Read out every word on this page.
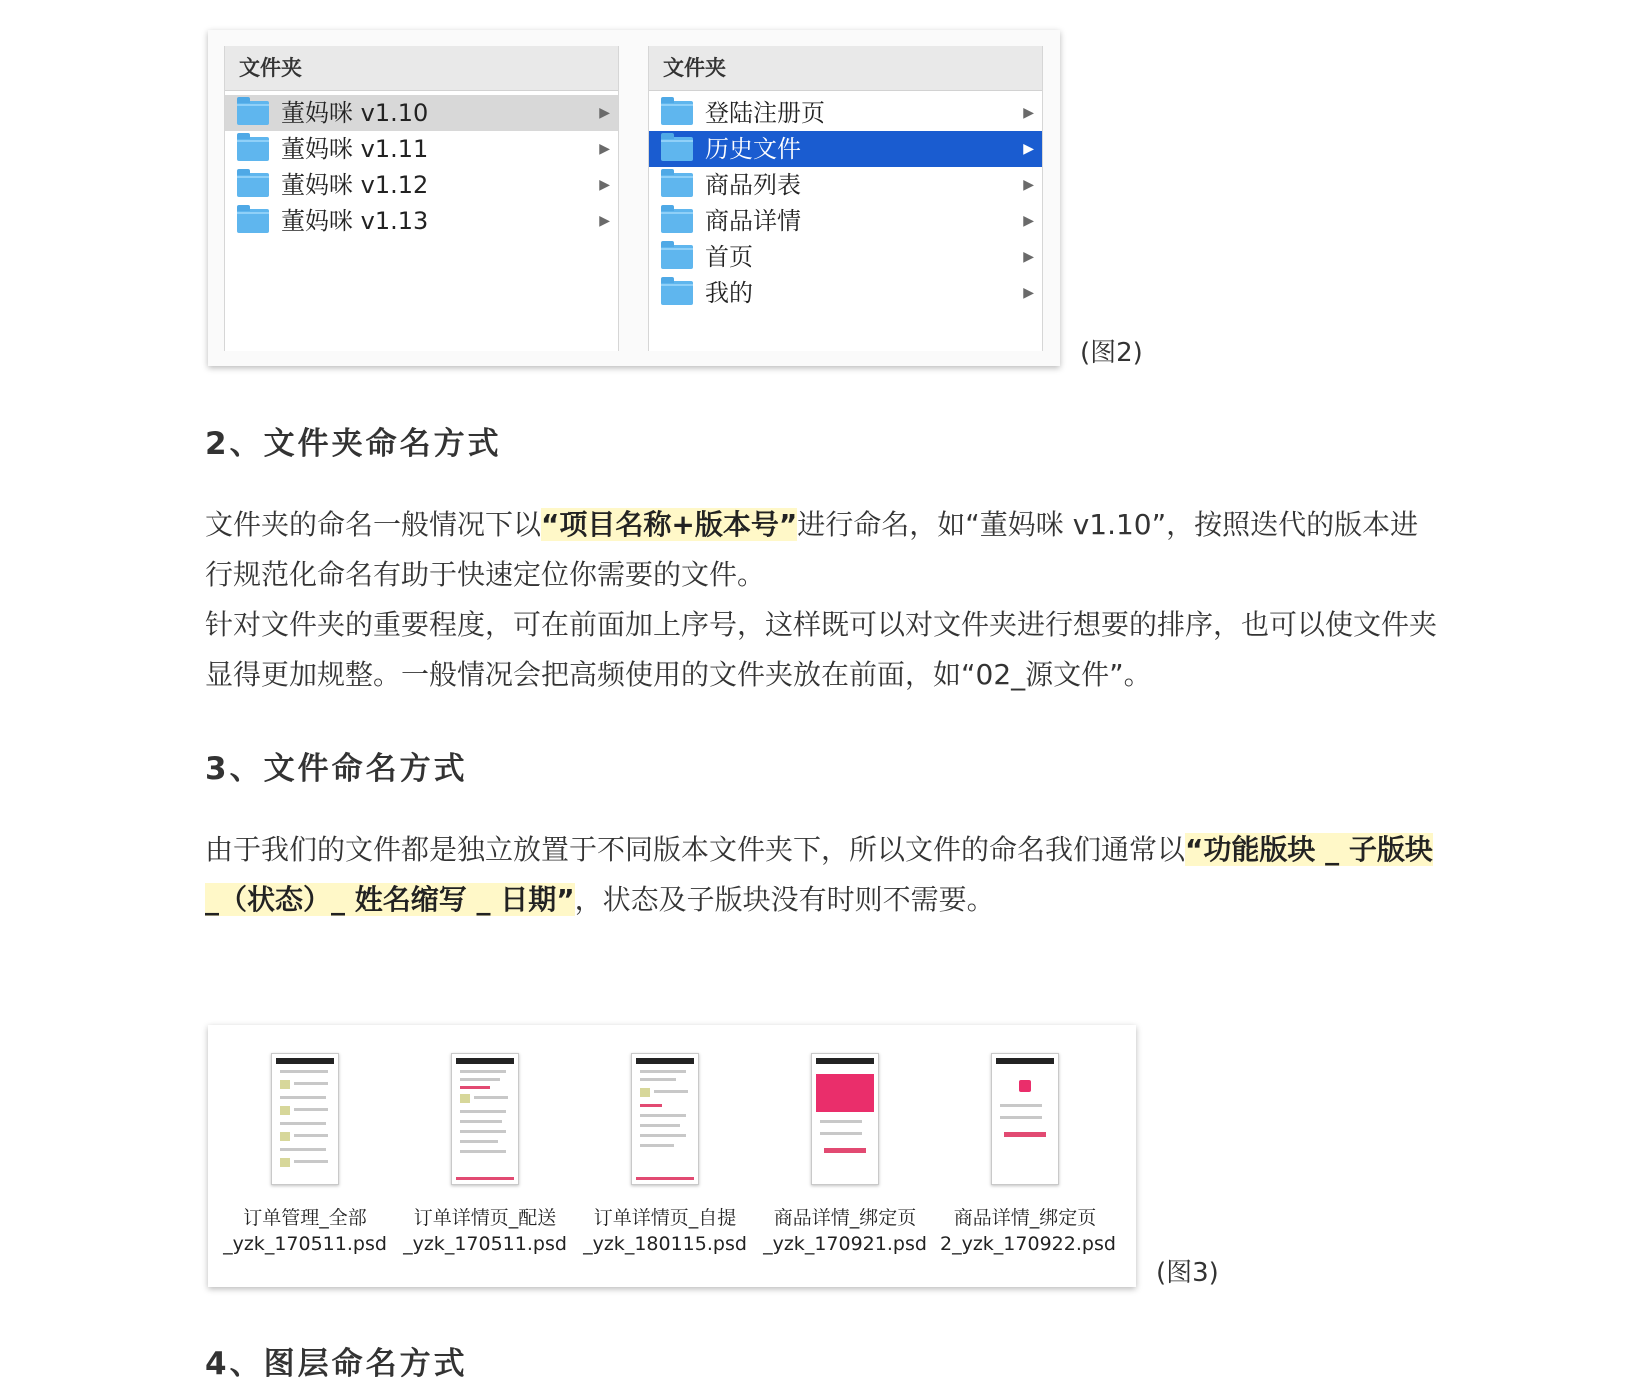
文件夹
董妈咪 v1.10	▶
董妈咪 v1.11	▶
董妈咪 v1.12	▶
董妈咪 v1.13	▶
文件夹
登陆注册页	▶
历史文件	▶
商品列表	▶
商品详情	▶
首页	▶
我的	▶
(图2)
2、文件夹命名方式

文件夹的命名一般情况下以“项目名称+版本号”进行命名，如“董妈咪 v1.10”，按照迭代的版本进行规范化命名有助于快速定位你需要的文件。

针对文件夹的重要程度，可在前面加上序号，这样既可以对文件夹进行想要的排序，也可以使文件夹显得更加规整。一般情况会把高频使用的文件夹放在前面，如“02_源文件”。

3、文件命名方式

由于我们的文件都是独立放置于不同版本文件夹下，所以文件的命名我们通常以“功能版块 _ 子版块 _（状态）_ 姓名缩写 _ 日期”，状态及子版块没有时则不需要。

订单管理_全部
_yzk_170511.psd
订单详情页_配送
_yzk_170511.psd
订单详情页_自提
_yzk_180115.psd
商品详情_绑定页
_yzk_170921.psd
商品详情_绑定页
2_yzk_170922.psd
(图3)
4、图层命名方式
